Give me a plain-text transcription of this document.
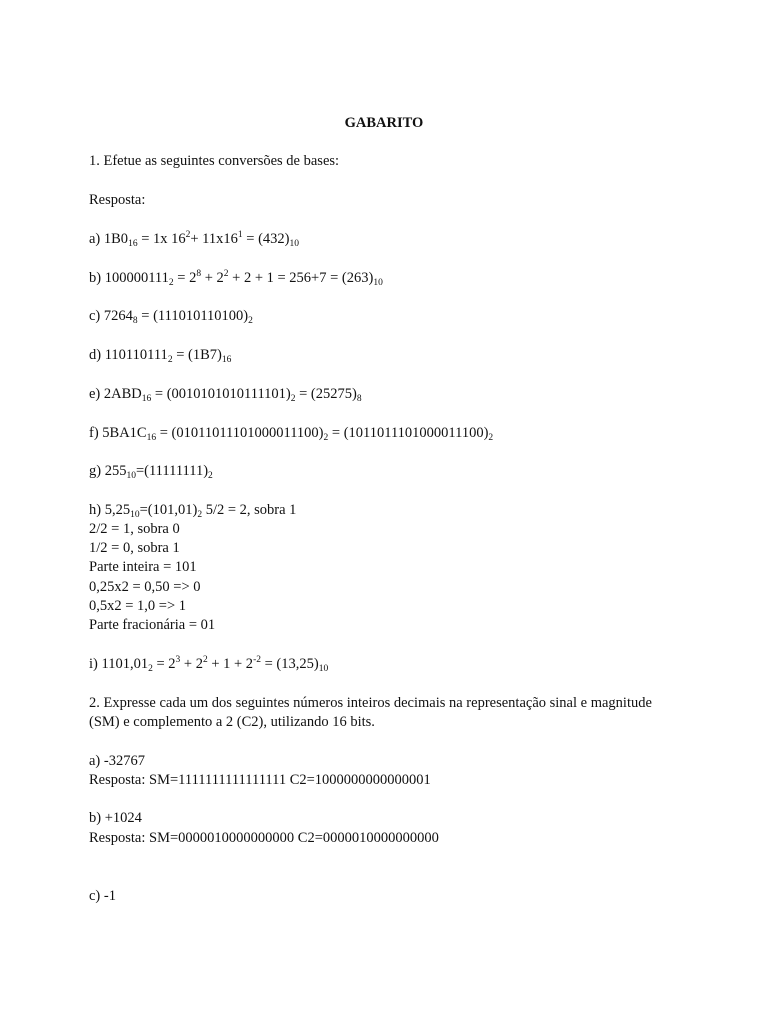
GABARITO
1. Efetue as seguintes conversões de bases:
Resposta:
a) $1B0_{16} = 1x$ $16^2+ 11x16^1 = (432)_{10}$
b) $100000111_2 = 2^8 + 2^2 + 2 + 1 = 256+7 = (263)_{10}$
c) $7264_8 = (111010110100)_2$
d) $110110111_2 = (1B7)_{16}$
e) $2ABD_{16} = (0010101010111101)_2 = (25275)_8$
f) $5BA1C_{16} = (01011011101000011100)_2 = (1011011101000011100)_2$
g) $255_{10}=(11111111)_2$
h) $5,25_{10}=(101,01)_2$ 5/2 = 2, sobra 1
2/2 = 1, sobra 0
1/2 = 0, sobra 1
Parte inteira = 101
0,25x2 = 0,50 => 0
0,5x2 = 1,0 => 1
Parte fracionária = 01
i) $1101,01_2 = 2^3 + 2^2 + 1 + 2^{-2} = (13,25)_{10}$
2. Expresse cada um dos seguintes números inteiros decimais na representação sinal e magnitude
(SM) e complemento a 2 (C2), utilizando 16 bits.
a) -32767
Resposta: SM=1111111111111111 C2=1000000000000001
b) +1024
Resposta: SM=0000010000000000 C2=0000010000000000
c) -1
